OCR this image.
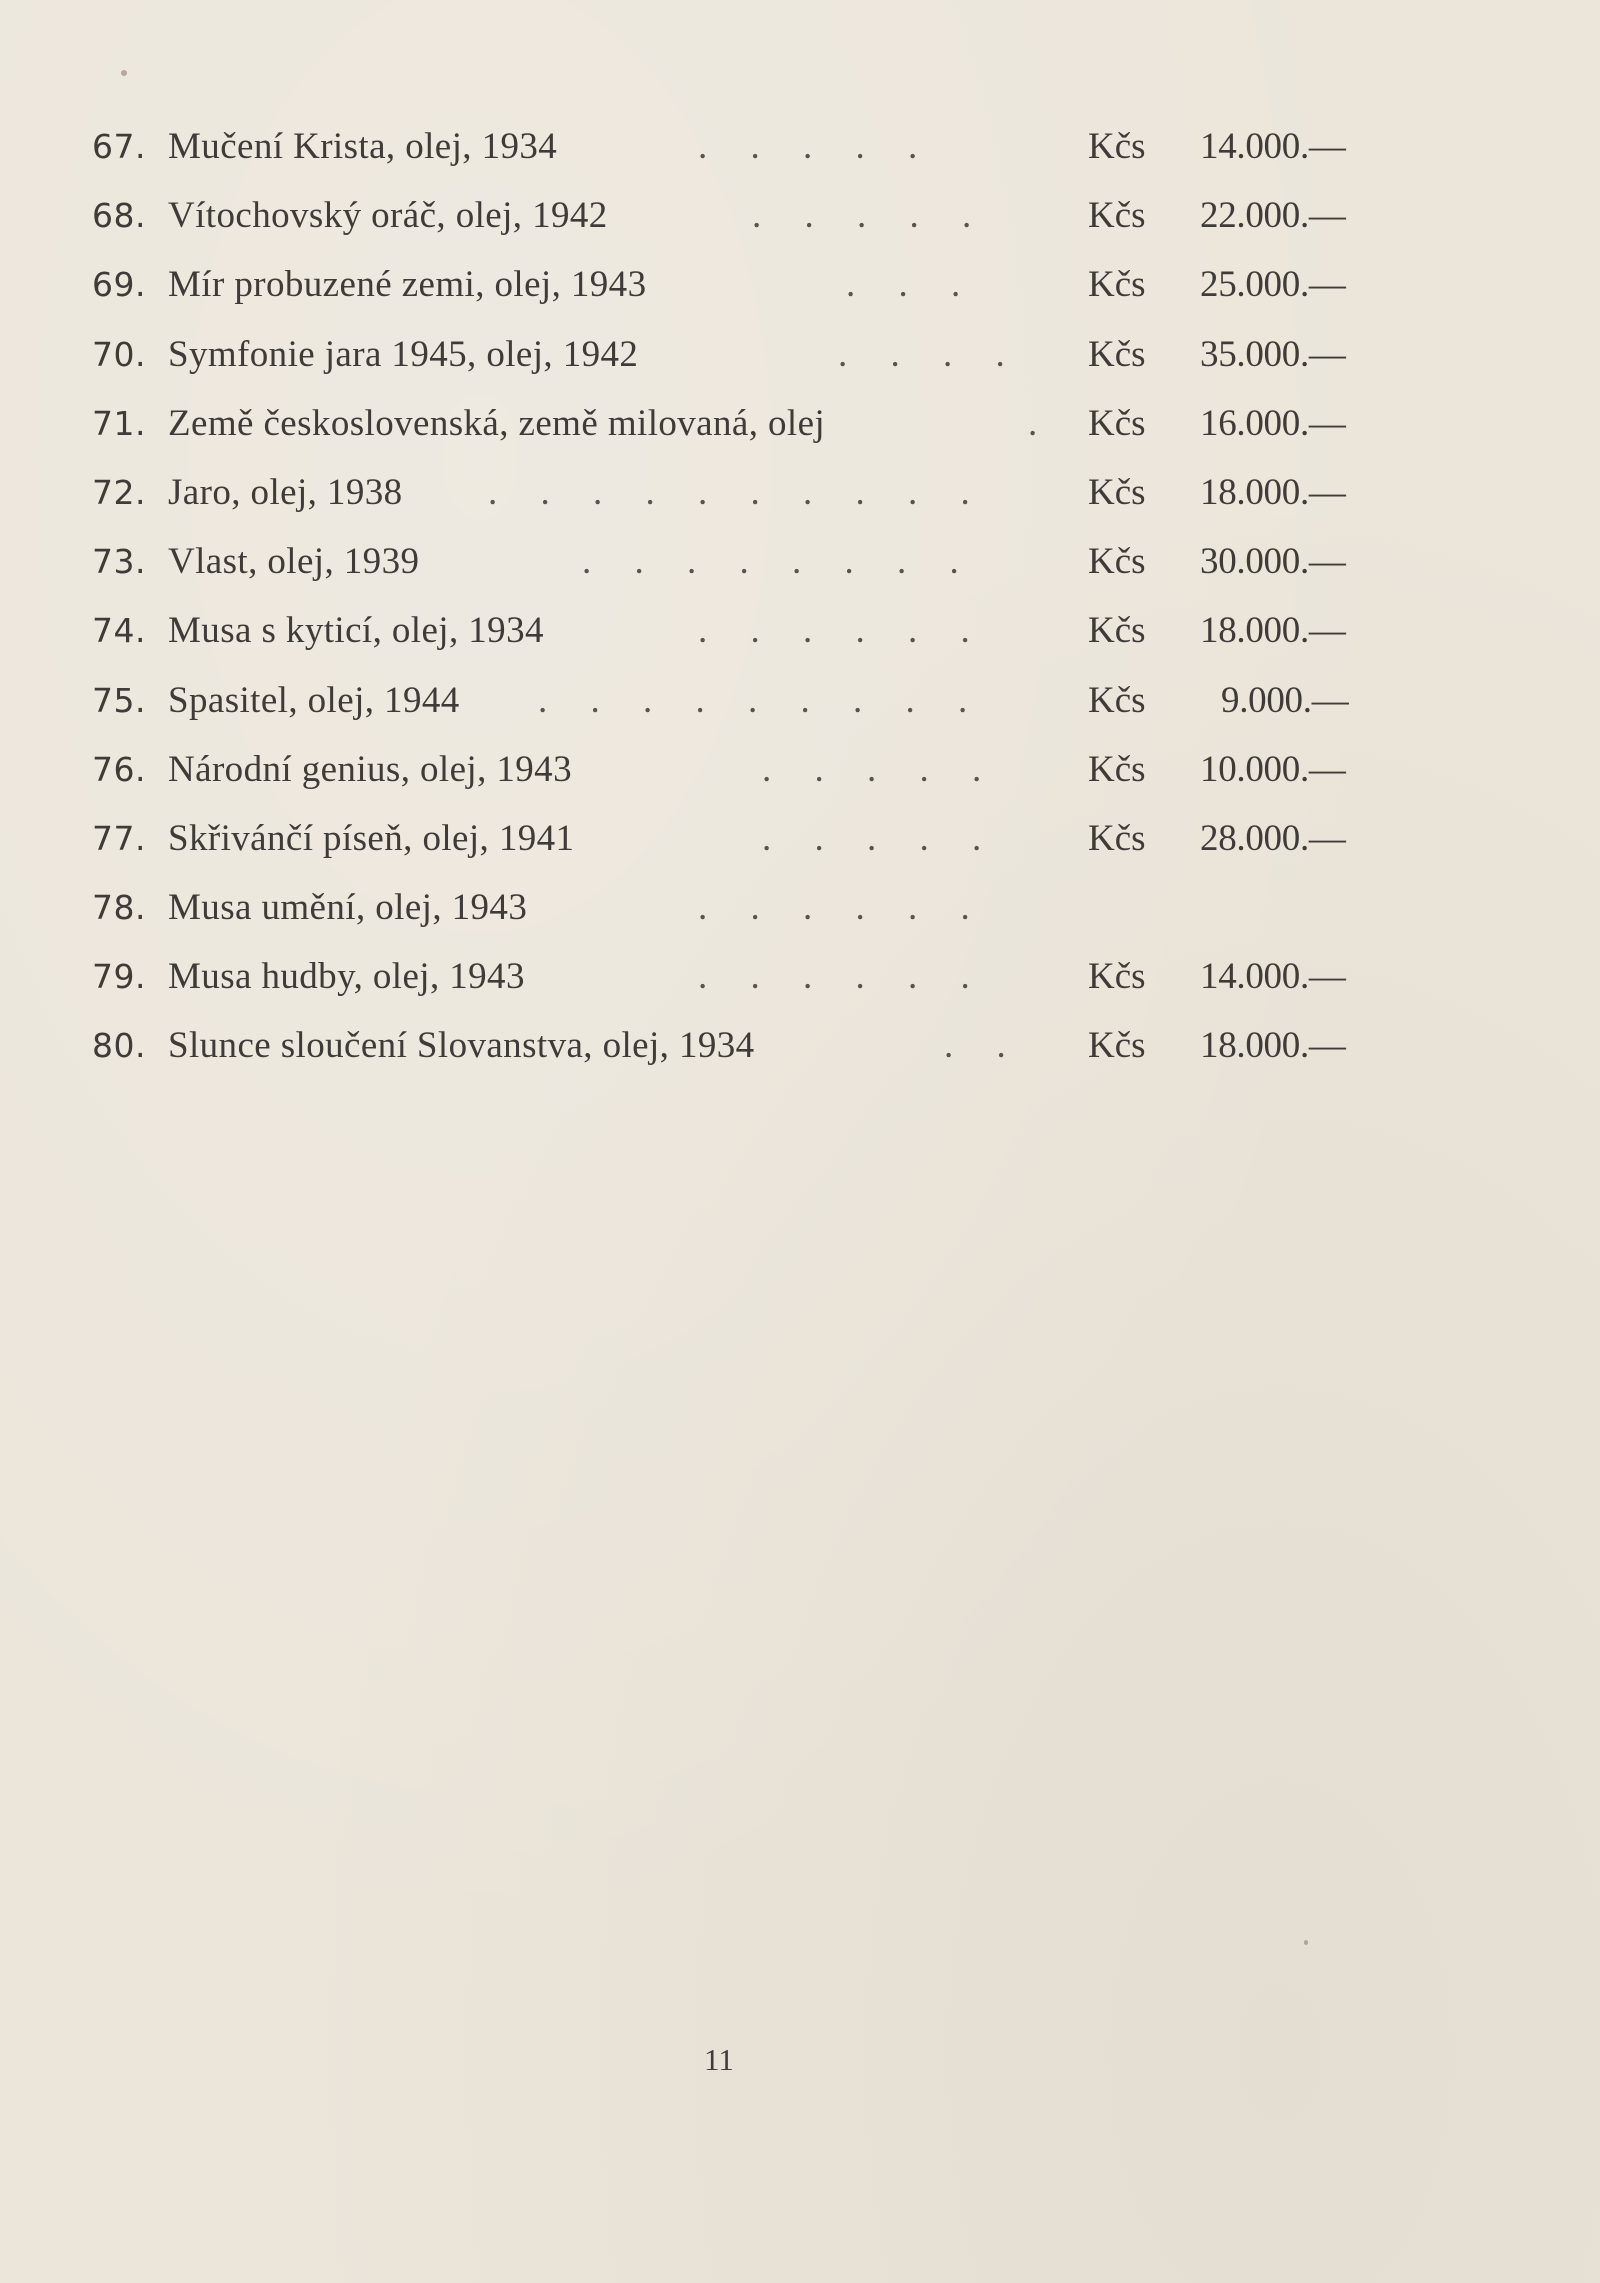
67. Mučení Krista, olej, 1934	. . . . .	Kčs 14.000.—
68. Vítochovský oráč, olej, 1942	. . . . .	Kčs 22.000.—
69. Mír probuzené zemi, olej, 1943	. . .	Kčs 25.000.—
70. Symfonie jara 1945, olej, 1942	. . . . Kčs 35.000.—
71. Země československá, země milovaná, olej	. Kčs 16.000.—
72. Jaro, olej, 1938 . . . . . . . . . .	Kčs 18.000.—
73. Vlast, olej, 1939	. . . . . . . .	Kčs 30.000.—
74. Musa s kyticí, olej, 1934	. . . . . .	Kčs 18.000.—
75. Spasitel, olej, 1944 . . . . . . . . .	Kčs 9.000.—
76. Národní genius, olej, 1943	. . . . . Kčs 10.000.—
77. Skřivánčí píseň, olej, 1941	. . . . . Kčs 28.000.—
78. Musa umění, olej, 1943	. . . . . .
79. Musa hudby, olej, 1943	. . . . . .	Kčs 14.000.—
80. Slunce sloučení Slovanstva, olej, 1934	. . Kčs 18.000.—
11
